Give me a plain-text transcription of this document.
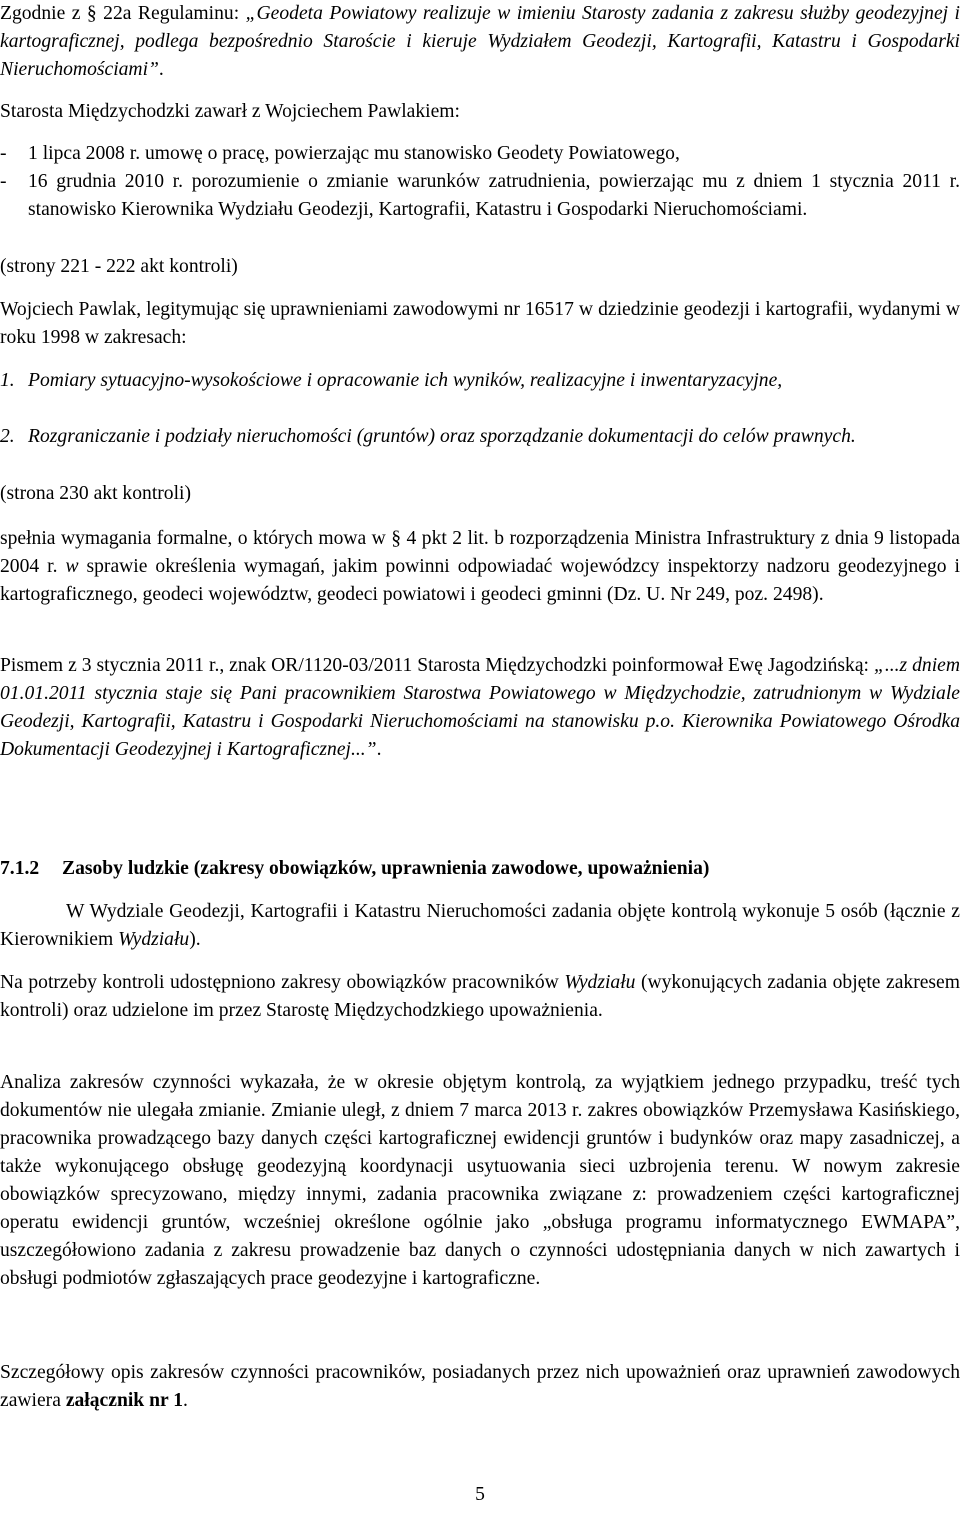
Zgodnie z § 22a Regulaminu: „Geodeta Powiatowy realizuje w imieniu Starosty zadania z zakresu służby geodezyjnej i kartograficznej, podlega bezpośrednio Staroście i kieruje Wydziałem Geodezji, Kartografii, Katastru i Gospodarki Nieruchomościami”.
Starosta Międzychodzki zawarł z Wojciechem Pawlakiem:
- 1 lipca 2008 r. umowę o pracę, powierzając mu stanowisko Geodety Powiatowego,
- 16 grudnia 2010 r. porozumienie o zmianie warunków zatrudnienia, powierzając mu z dniem 1 stycznia 2011 r. stanowisko Kierownika Wydziału Geodezji, Kartografii, Katastru i Gospodarki Nieruchomościami.
(strony 221 - 222 akt kontroli)
Wojciech Pawlak, legitymując się uprawnieniami zawodowymi nr 16517 w dziedzinie geodezji i kartografii, wydanymi w roku 1998 w zakresach:
1. Pomiary sytuacyjno-wysokościowe i opracowanie ich wyników, realizacyjne i inwentaryzacyjne,
2. Rozgraniczanie i podziały nieruchomości (gruntów) oraz sporządzanie dokumentacji do celów prawnych.
(strona 230 akt kontroli)
spełnia wymagania formalne, o których mowa w § 4 pkt 2 lit. b rozporządzenia Ministra Infrastruktury z dnia 9 listopada 2004 r. w sprawie określenia wymagań, jakim powinni odpowiadać wojewódzcy inspektorzy nadzoru geodezyjnego i kartograficznego, geodeci województw, geodeci powiatowi i geodeci gminni (Dz. U. Nr 249, poz. 2498).
Pismem z 3 stycznia 2011 r., znak OR/1120-03/2011 Starosta Międzychodzki poinformował Ewę Jagodzińską: „...z dniem 01.01.2011 stycznia staje się Pani pracownikiem Starostwa Powiatowego w Międzychodzie, zatrudnionym w Wydziale Geodezji, Kartografii, Katastru i Gospodarki Nieruchomościami na stanowisku p.o. Kierownika Powiatowego Ośrodka Dokumentacji Geodezyjnej i Kartograficznej...”.
7.1.2 Zasoby ludzkie (zakresy obowiązków, uprawnienia zawodowe, upoważnienia)
W Wydziale Geodezji, Kartografii i Katastru Nieruchomości zadania objęte kontrolą wykonuje 5 osób (łącznie z Kierownikiem Wydziału).
Na potrzeby kontroli udostępniono zakresy obowiązków pracowników Wydziału (wykonujących zadania objęte zakresem kontroli) oraz udzielone im przez Starostę Międzychodzkiego upoważnienia.
Analiza zakresów czynności wykazała, że w okresie objętym kontrolą, za wyjątkiem jednego przypadku, treść tych dokumentów nie ulegała zmianie. Zmianie uległ, z dniem 7 marca 2013 r. zakres obowiązków Przemysława Kasińskiego, pracownika prowadzącego bazy danych części kartograficznej ewidencji gruntów i budynków oraz mapy zasadniczej, a także wykonującego obsługę geodezyjną koordynacji usytuowania sieci uzbrojenia terenu. W nowym zakresie obowiązków sprecyzowano, między innymi, zadania pracownika związane z: prowadzeniem części kartograficznej operatu ewidencji gruntów, wcześniej określone ogólnie jako „obsługa programu informatycznego EWMAPA”, uszczegółowiono zadania z zakresu prowadzenie baz danych o czynności udostępniania danych w nich zawartych i obsługi podmiotów zgłaszających prace geodezyjne i kartograficzne.
Szczegółowy opis zakresów czynności pracowników, posiadanych przez nich upoważnień oraz uprawnień zawodowych zawiera załącznik nr 1.
5
